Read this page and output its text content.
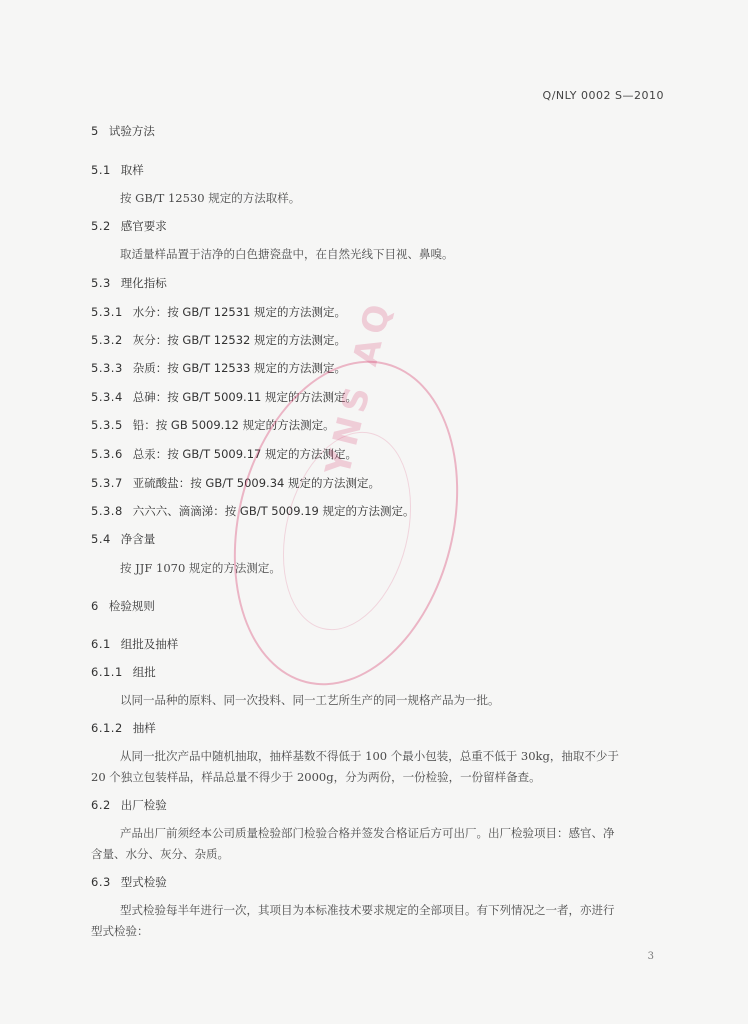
Q/NLY 0002 S—2010
5 试验方法
5.1 取样
按 GB/T 12530 规定的方法取样。
5.2 感官要求
取适量样品置于洁净的白色搪瓷盘中，在自然光线下目视、鼻嗅。
5.3 理化指标
5.3.1 水分：按 GB/T 12531 规定的方法测定。
5.3.2 灰分：按 GB/T 12532 规定的方法测定。
5.3.3 杂质：按 GB/T 12533 规定的方法测定。
5.3.4 总砷：按 GB/T 5009.11 规定的方法测定。
5.3.5 铅：按 GB 5009.12 规定的方法测定。
5.3.6 总汞：按 GB/T 5009.17 规定的方法测定。
5.3.7 亚硫酸盐：按 GB/T 5009.34 规定的方法测定。
5.3.8 六六六、滴滴涕：按 GB/T 5009.19 规定的方法测定。
5.4 净含量
按 JJF 1070 规定的方法测定。
6 检验规则
6.1 组批及抽样
6.1.1 组批
以同一品种的原料、同一次投料、同一工艺所生产的同一规格产品为一批。
6.1.2 抽样
从同一批次产品中随机抽取，抽样基数不得低于 100 个最小包装，总重不低于 30kg，抽取不少于
20 个独立包装样品，样品总量不得少于 2000g，分为两份，一份检验，一份留样备查。
6.2 出厂检验
产品出厂前须经本公司质量检验部门检验合格并签发合格证后方可出厂。出厂检验项目：感官、净
含量、水分、灰分、杂质。
6.3 型式检验
型式检验每半年进行一次，其项目为本标准技术要求规定的全部项目。有下列情况之一者，亦进行
型式检验：
3
YNS AQ
